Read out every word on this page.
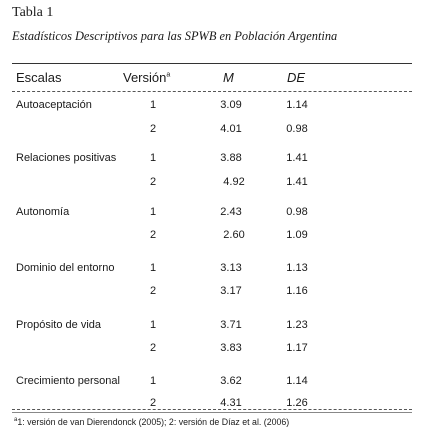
Tabla 1
Estadísticos Descriptivos para las SPWB en Población Argentina
Escalas	Versión$^a$	M	DE
Autoaceptación	1	3.09	1.14
2	4.01	0.98
Relaciones positivas	1	3.88	1.41
2	4.92	1.41
Autonomía	1	2.43	0.98
2	2.60	1.09
Dominio del entorno	1	3.13	1.13
2	3.17	1.16
Propósito de vida	1	3.71	1.23
2	3.83	1.17
Crecimiento personal	1	3.62	1.14
2	4.31	1.26
$^a$1: versión de van Dierendonck (2005); 2: versión de Díaz et al. (2006)
